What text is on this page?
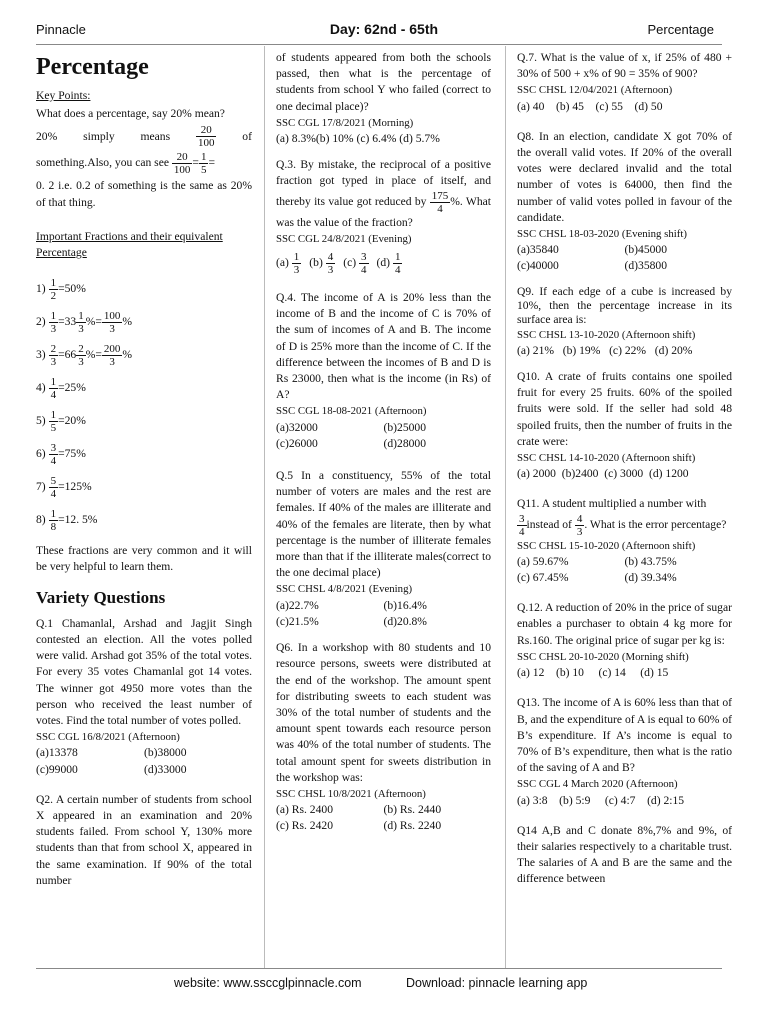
Pinnacle	Day: 62nd - 65th	Percentage
Percentage

Key Points:

What does a percentage, say 20% mean?

20% simply means	20
100
of
something.Also, you can see $\frac{20}{100} = \frac{1}{5}$ =

0. 2 i.e. 0.2 of something is the same as 20% of that thing.

Important Fractions and their equivalent Percentage

$1) \frac{1}{2} =50\%$
$2) \frac{1}{3} =33 \frac{1}{3}$ %= $\frac{100}{3}$ %
$3) \frac{2}{3} =66 \frac{2}{3}$ %= $\frac{200}{3}$ %
$4) \frac{1}{4} =25\%$
$5) \frac{1}{5} =20\%$
$6) \frac{3}{4} =75\%$
$7) \frac{5}{4} =125\%$
$8) \frac{1}{8} =12$. 5%

These fractions are very common and it will be very helpful to learn them.

Variety Questions

Q.1 Chamanlal, Arshad and Jagjit Singh contested an election. All the votes polled were valid. Arshad got 35% of the total votes. For every 35 votes Chamanlal got 14 votes. The winner got 4950 more votes than the person who received the least number of votes. Find the total number of votes polled.

SSC CGL 16/8/2021 (Afternoon)

(a)13378	(b)38000
(c)99000	(d)33000

Q2. A certain number of students from school X appeared in an examination and 20% students failed. From school Y, 130% more students than that from school X, appeared in the same examination. If 90% of the total number

of students appeared from both the schools passed, then what is the percentage of students from school Y who failed (correct to one decimal place)?

SSC CGL 17/8/2021 (Morning)

(a) 8.3%(b) 10% (c) 6.4% (d) 5.7%

Q.3. By mistake, the reciprocal of a positive fraction got typed in place of itself, and thereby its value got reduced by $\frac{175}{4}$ %. What was the value of the fraction?

SSC CGL 24/8/2021 (Evening)

$(a) \frac{1}{3} (b) \frac{4}{3} (c) \frac{3}{4} (d) \frac{1}{4}$

Q.4. The income of A is 20% less than the income of B and the income of C is 70% of the sum of incomes of A and B. The income of D is 25% more than the income of C. If the difference between the incomes of B and D is Rs 23000, then what is the income (in Rs) of A?

SSC CGL 18-08-2021 (Afternoon)

(a)32000	(b)25000
(c)26000	(d)28000

Q.5 In a constituency, 55% of the total number of voters are males and the rest are females. If 40% of the males are illiterate and 40% of the females are literate, then by what percentage is the number of illiterate females more than that if the illiterate males(correct to the one decimal place)

SSC CHSL 4/8/2021 (Evening)

(a)22.7%	(b)16.4%
(c)21.5%	(d)20.8%

Q6. In a workshop with 80 students and 10 resource persons, sweets were distributed at the end of the workshop. The amount spent for distributing sweets to each student was 30% of the total number of students and the amount spent towards each resource person was 40% of the total number of students. The total amount spent for sweets distribution in the workshop was:

SSC CHSL 10/8/2021 (Afternoon)

(a) Rs. 2400	(b) Rs. 2440
(c) Rs. 2420	(d) Rs. 2240

Q.7. What is the value of x, if 25% of 480 + 30% of 500 + x% of 90 = 35% of 900?

SSC CHSL 12/04/2021 (Afternoon)

(a) 40    (b) 45    (c) 55    (d) 50

Q8. In an election, candidate X got 70% of the overall valid votes. If 20% of the overall votes were declared invalid and the total number of votes is 64000, then find the number of valid votes polled in favour of the candidate.

SSC CHSL 18-03-2020 (Evening shift)

(a)35840	(b)45000
(c)40000	(d)35800

Q9. If each edge of a cube is increased by 10%, then the percentage increase in its surface area is:

SSC CHSL 13-10-2020 (Afternoon shift)

(a) 21%   (b) 19%   (c) 22%   (d) 20%

Q10. A crate of fruits contains one spoiled fruit for every 25 fruits. 60% of the spoiled fruits were sold. If the seller had sold 48 spoiled fruits, then the number of fruits in the crate were:

SSC CHSL 14-10-2020 (Afternoon shift)

(a) 2000  (b)2400  (c) 3000  (d) 1200

Q11. A student multiplied a number with

$\frac{3}{4}$ instead of $\frac{4}{3}$ . What is the error percentage?

SSC CHSL 15-10-2020 (Afternoon shift)

(a) 59.67%	(b) 43.75%
(c) 67.45%	(d) 39.34%

Q.12. A reduction of 20% in the price of sugar enables a purchaser to obtain 4 kg more for Rs.160. The original price of sugar per kg is:

SSC CHSL 20-10-2020 (Morning shift)

(a) 12    (b) 10     (c) 14     (d) 15

Q13. The income of A is 60% less than that of B, and the expenditure of A is equal to 60% of B’s expenditure. If A’s income is equal to 70% of B’s expenditure, then what is the ratio of the saving of A and B?

SSC CGL 4 March 2020 (Afternoon)

(a) 3:8    (b) 5:9     (c) 4:7    (d) 2:15

Q14 A,B and C donate 8%,7% and 9%, of their salaries respectively to a charitable trust. The salaries of A and B are the same and the difference between

website: www.ssccglpinnacle.com	Download: pinnacle learning app
